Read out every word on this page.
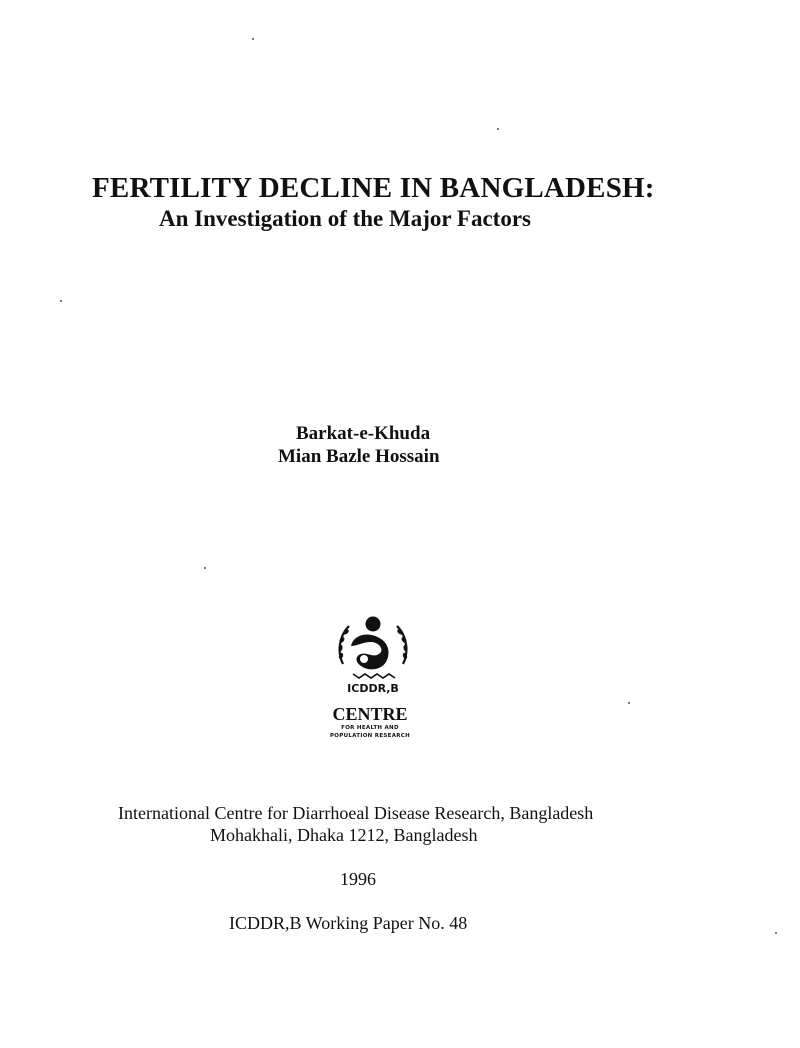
FERTILITY DECLINE IN BANGLADESH:
An Investigation of the Major Factors
Barkat-e-Khuda
Mian Bazle Hossain
ICDDR,B
CENTRE
FOR HEALTH AND
POPULATION RESEARCH
International Centre for Diarrhoeal Disease Research, Bangladesh
Mohakhali, Dhaka 1212, Bangladesh
1996
ICDDR,B Working Paper No. 48
